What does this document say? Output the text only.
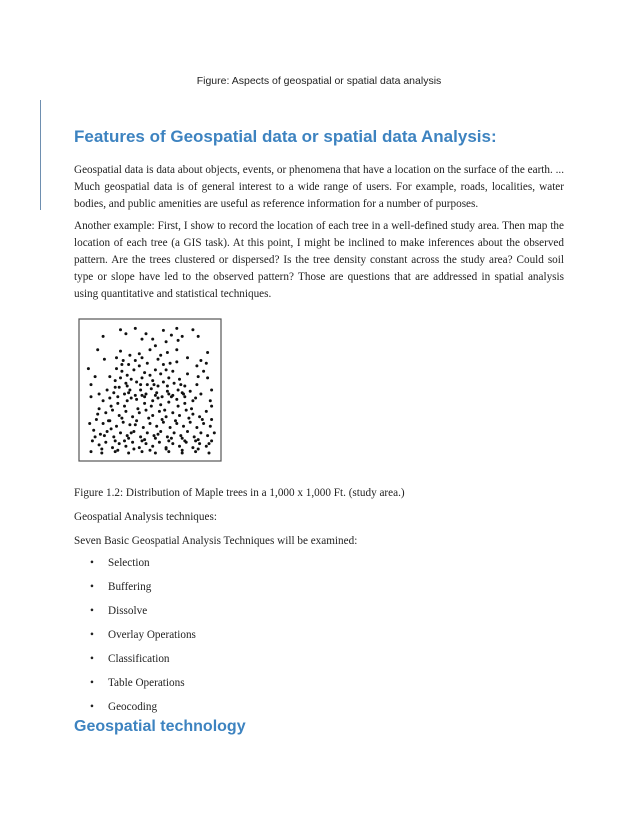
Figure: Aspects of geospatial or spatial data analysis
Features of Geospatial data or spatial data Analysis:

Geospatial data is data about objects, events, or phenomena that have a location on the surface of the earth. ... Much geospatial data is of general interest to a wide range of users. For example, roads, localities, water bodies, and public amenities are useful as reference information for a number of purposes.

Another example: First, I show to record the location of each tree in a well-defined study area. Then map the location of each tree (a GIS task). At this point, I might be inclined to make inferences about the observed pattern. Are the trees clustered or dispersed? Is the tree density constant across the study area? Could soil type or slope have led to the observed pattern? Those are questions that are addressed in spatial analysis using quantitative and statistical techniques.

Figure 1.2: Distribution of Maple trees in a 1,000 x 1,000 Ft. (study area.)

Geospatial Analysis techniques:

Seven Basic Geospatial Analysis Techniques will be examined:

• Selection
• Buffering
• Dissolve
• Overlay Operations
• Classification
• Table Operations
• Geocoding
Geospatial technology
